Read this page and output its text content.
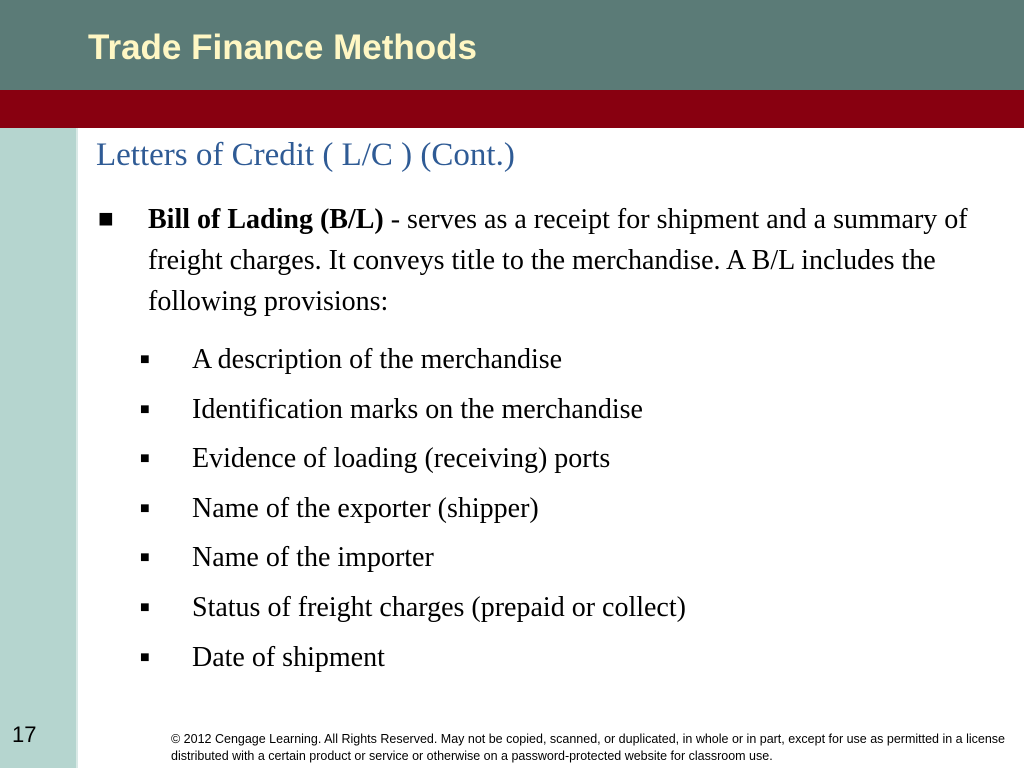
Trade Finance Methods
17
Letters of Credit ( L/C ) (Cont.)
■ Bill of Lading (B/L) - serves as a receipt for shipment and a summary of freight charges. It conveys title to the merchandise. A B/L includes the following provisions:
■ A description of the merchandise
■ Identification marks on the merchandise
■ Evidence of loading (receiving) ports
■ Name of the exporter (shipper)
■ Name of the importer
■ Status of freight charges (prepaid or collect)
■ Date of shipment
© 2012 Cengage Learning. All Rights Reserved. May not be copied, scanned, or duplicated, in whole or in part, except for use as permitted in a license distributed with a certain product or service or otherwise on a password-protected website for classroom use.
